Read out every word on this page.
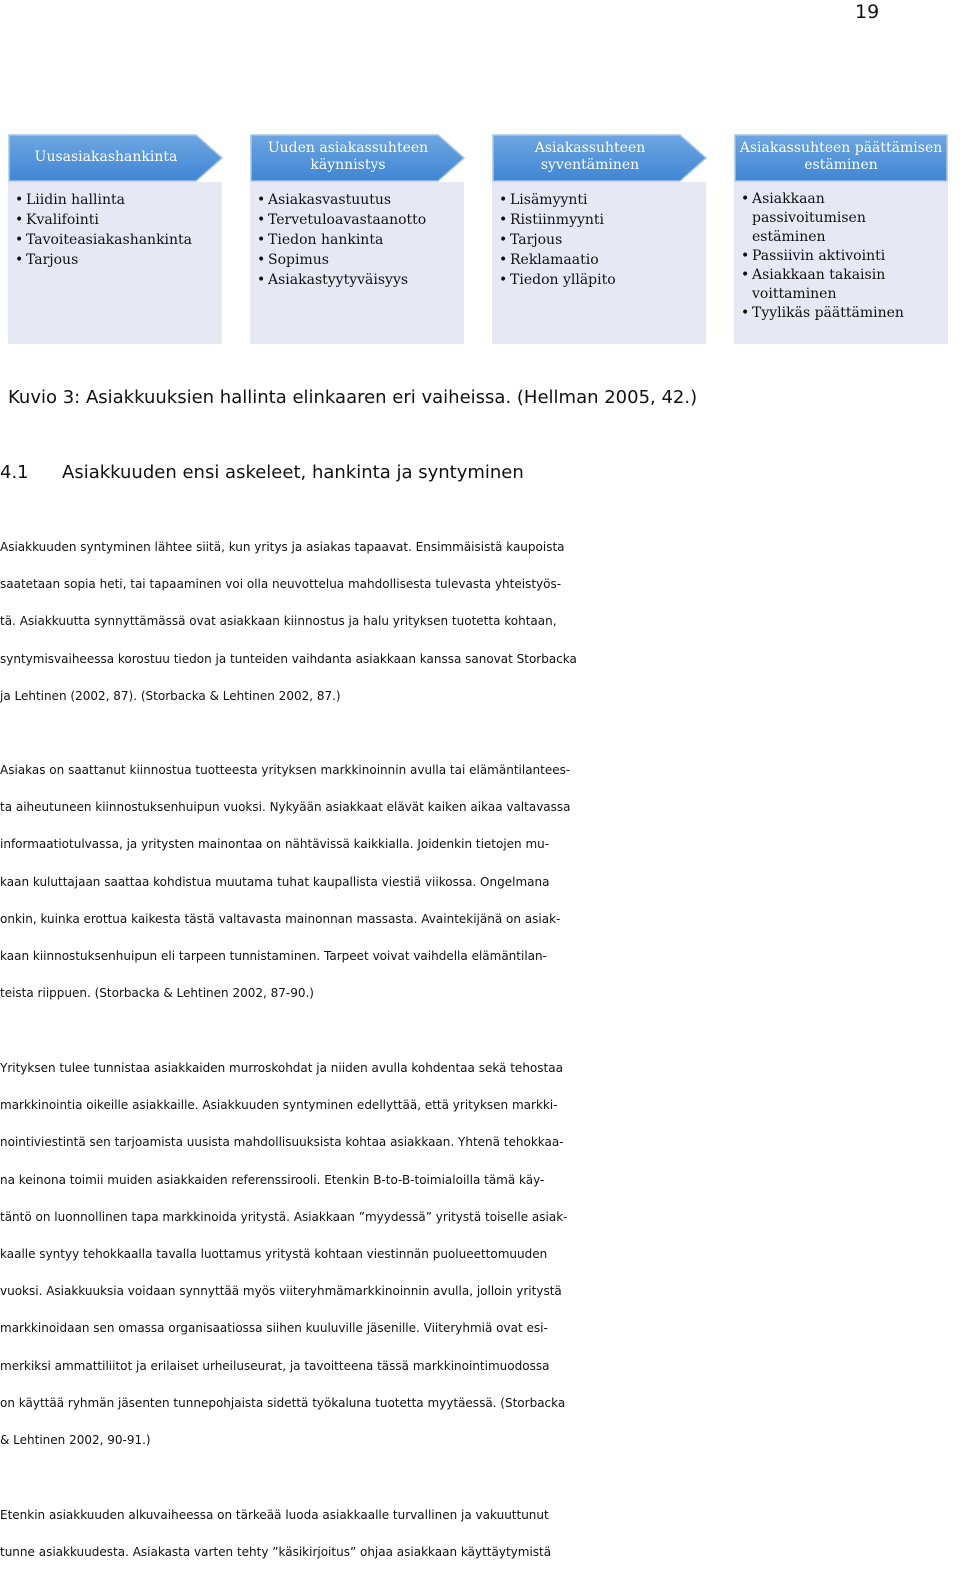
19
Uusasiakashankinta
• Liidin hallinta
• Kvalifointi
• Tavoiteasiakashankinta
• Tarjous
Uuden asiakassuhteen käynnistys
• Asiakasvastuutus
• Tervetuloavastaanotto
• Tiedon hankinta
• Sopimus
• Asiakastyytyväisyys
Asiakassuhteen syventäminen
• Lisämyynti
• Ristiinmyynti
• Tarjous
• Reklamaatio
• Tiedon ylläpito
Asiakassuhteen päättämisen estäminen
• Asiakkaan passivoitumisen estäminen
• Passiivin aktivointi
• Asiakkaan takaisin voittaminen
• Tyylikäs päättäminen
Kuvio 3: Asiakkuuksien hallinta elinkaaren eri vaiheissa. (Hellman 2005, 42.)
4.1 Asiakkuuden ensi askeleet, hankinta ja syntyminen
Asiakkuuden syntyminen lähtee siitä, kun yritys ja asiakas tapaavat. Ensimmäisistä kaupoista
saatetaan sopia heti, tai tapaaminen voi olla neuvottelua mahdollisesta tulevasta yhteistyös-
tä. Asiakkuutta synnyttämässä ovat asiakkaan kiinnostus ja halu yrityksen tuotetta kohtaan,
syntymisvaiheessa korostuu tiedon ja tunteiden vaihdanta asiakkaan kanssa sanovat Storbacka
ja Lehtinen (2002, 87). (Storbacka & Lehtinen 2002, 87.)
Asiakas on saattanut kiinnostua tuotteesta yrityksen markkinoinnin avulla tai elämäntilantees-
ta aiheutuneen kiinnostuksenhuipun vuoksi. Nykyään asiakkaat elävät kaiken aikaa valtavassa
informaatiotulvassa, ja yritysten mainontaa on nähtävissä kaikkialla. Joidenkin tietojen mu-
kaan kuluttajaan saattaa kohdistua muutama tuhat kaupallista viestiä viikossa. Ongelmana
onkin, kuinka erottua kaikesta tästä valtavasta mainonnan massasta. Avaintekijänä on asiak-
kaan kiinnostuksenhuipun eli tarpeen tunnistaminen. Tarpeet voivat vaihdella elämäntilan-
teista riippuen. (Storbacka & Lehtinen 2002, 87-90.)
Yrityksen tulee tunnistaa asiakkaiden murroskohdat ja niiden avulla kohdentaa sekä tehostaa
markkinointia oikeille asiakkaille. Asiakkuuden syntyminen edellyttää, että yrityksen markki-
nointiviestintä sen tarjoamista uusista mahdollisuuksista kohtaa asiakkaan. Yhtenä tehokkaa-
na keinona toimii muiden asiakkaiden referenssirooli. Etenkin B-to-B-toimialoilla tämä käy-
täntö on luonnollinen tapa markkinoida yritystä. Asiakkaan ”myydessä” yritystä toiselle asiak-
kaalle syntyy tehokkaalla tavalla luottamus yritystä kohtaan viestinnän puolueettomuuden
vuoksi. Asiakkuuksia voidaan synnyttää myös viiteryhmämarkkinoinnin avulla, jolloin yritystä
markkinoidaan sen omassa organisaatiossa siihen kuuluville jäsenille. Viiteryhmiä ovat esi-
merkiksi ammattiliitot ja erilaiset urheiluseurat, ja tavoitteena tässä markkinointimuodossa
on käyttää ryhmän jäsenten tunnepohjaista sidettä työkaluna tuotetta myytäessä. (Storbacka
& Lehtinen 2002, 90-91.)
Etenkin asiakkuuden alkuvaiheessa on tärkeää luoda asiakkaalle turvallinen ja vakuuttunut
tunne asiakkuudesta. Asiakasta varten tehty ”käsikirjoitus” ohjaa asiakkaan käyttäytymistä
